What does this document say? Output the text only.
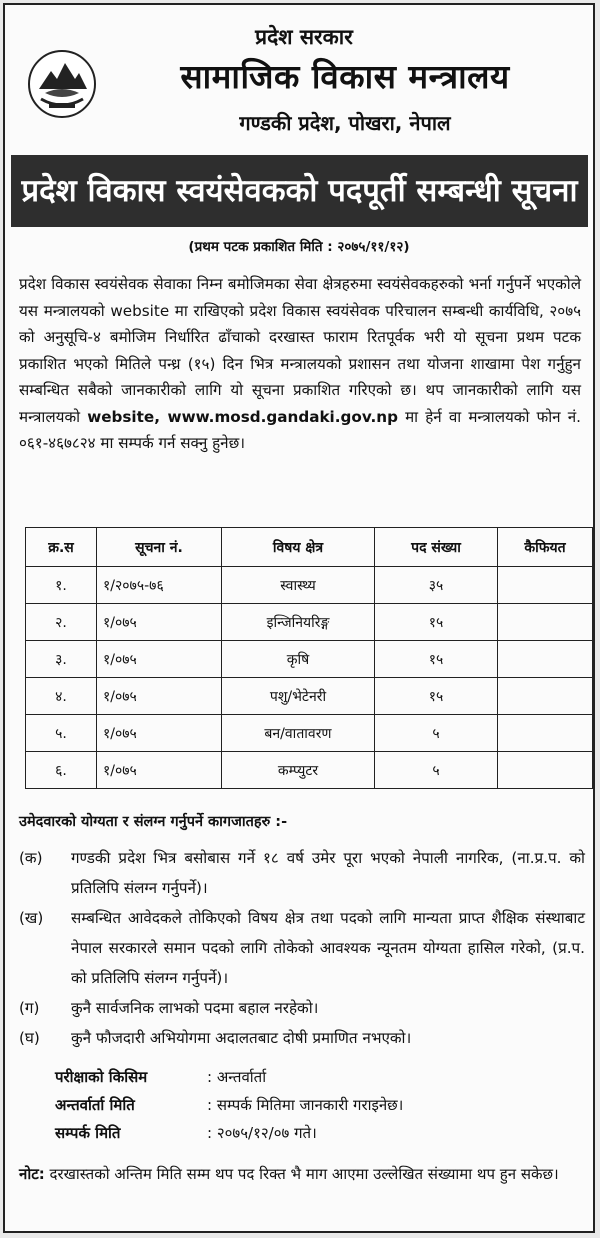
प्रदेश सरकार
सामाजिक विकास मन्त्रालय
गण्डकी प्रदेश, पोखरा, नेपाल
प्रदेश विकास स्वयंसेवकको पदपूर्ती सम्बन्धी सूचना
(प्रथम पटक प्रकाशित मिति : २०७५/११/१२)

प्रदेश विकास स्वयंसेवक सेवाका निम्न बमोजिमका सेवा क्षेत्रहरुमा स्वयंसेवकहरुको भर्ना गर्नुपर्ने भएकोले यस मन्त्रालयको website मा राखिएको प्रदेश विकास स्वयंसेवक परिचालन सम्बन्धी कार्यविधि, २०७५ को अनुसूचि-४ बमोजिम निर्धारित ढाँचाको दरखास्त फाराम रितपूर्वक भरी यो सूचना प्रथम पटक प्रकाशित भएको मितिले पन्ध्र (१५) दिन भित्र मन्त्रालयको प्रशासन तथा योजना शाखामा पेश गर्नुहुन सम्बन्धित सबैको जानकारीको लागि यो सूचना प्रकाशित गरिएको छ। थप जानकारीको लागि यस मन्त्रालयको website, www.mosd.gandaki.gov.np मा हेर्न वा मन्त्रालयको फोन नं. ०६१-४६७८२४ मा सम्पर्क गर्न सक्नु हुनेछ।

क्र.स	सूचना नं.	विषय क्षेत्र	पद संख्या	कैफियत
१.	१/२०७५-७६	स्वास्थ्य	३५	
२.	१/०७५	इन्जिनियरिङ्ग	१५	
३.	१/०७५	कृषि	१५	
४.	१/०७५	पशु/भेटेनरी	१५	
५.	१/०७५	बन/वातावरण	५	
६.	१/०७५	कम्प्युटर	५	
उमेदवारको योग्यता र संलग्न गर्नुपर्ने कागजातहरु :-
(क)	गण्डकी प्रदेश भित्र बसोबास गर्ने १८ वर्ष उमेर पूरा भएको नेपाली नागरिक, (ना.प्र.प. को प्रतिलिपि संलग्न गर्नुपर्ने)।
(ख)	सम्बन्धित आवेदकले तोकिएको विषय क्षेत्र तथा पदको लागि मान्यता प्राप्त शैक्षिक संस्थाबाट नेपाल सरकारले समान पदको लागि तोकेको आवश्यक न्यूनतम योग्यता हासिल गरेको, (प्र.प. को प्रतिलिपि संलग्न गर्नुपर्ने)।
(ग)	कुनै सार्वजनिक लाभको पदमा बहाल नरहेको।
(घ)	कुनै फौजदारी अभियोगमा अदालतबाट दोषी प्रमाणित नभएको।
परीक्षाको किसिम	: अन्तर्वार्ता
अन्तर्वार्ता मिति	: सम्पर्क मितिमा जानकारी गराइनेछ।
सम्पर्क मिति	: २०७५/१२/०७ गते।
नोट: दरखास्तको अन्तिम मिति सम्म थप पद रिक्त भै माग आएमा उल्लेखित संख्यामा थप हुन सकेछ।
